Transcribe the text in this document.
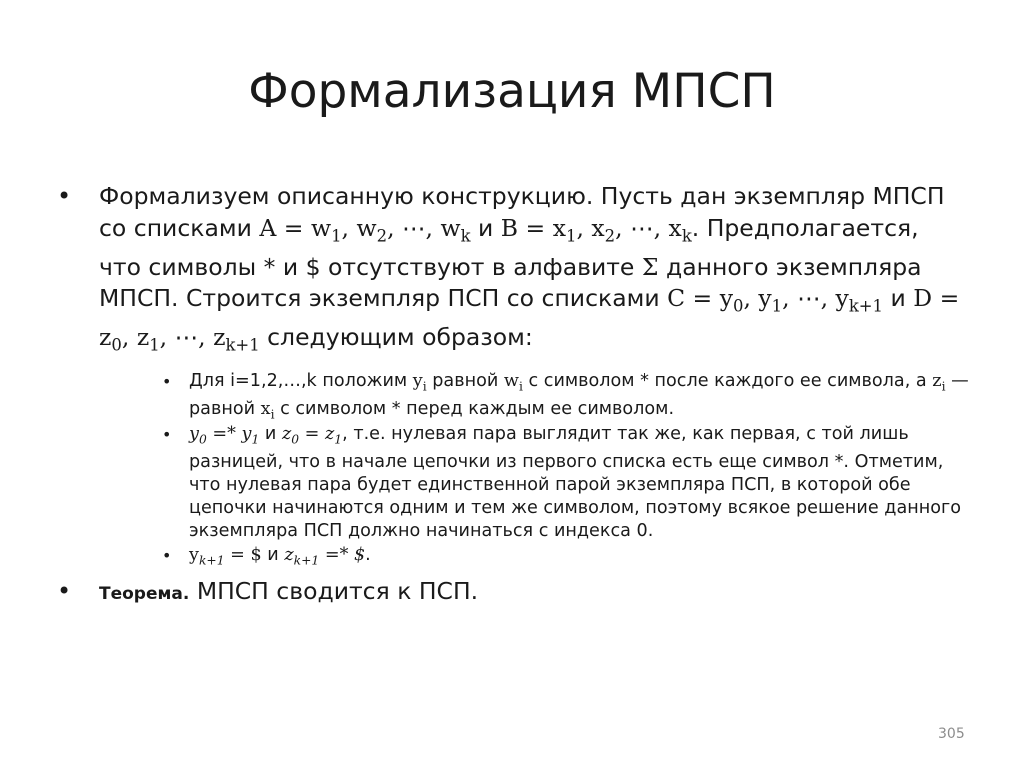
Формализация МПСП
• Формализуем описанную конструкцию. Пусть дан экземпляр МПСП со списками $A = w_1$, $w_2$, ⋯, $w_k$ и $B = x_1$, $x_2$, ⋯, $x_k$. Предполагается, что символы * и $ отсутствуют в алфавите Σ данного экземпляра МПСП. Строится экземпляр ПСП со списками $C = y_0$, $y_1$, ⋯, $y_{k+1}$ и $D = z_0$, $z_1$, ⋯, $z_{k+1}$ следующим образом:
• Для i=1,2,…,k положим $y_i$ равной $w_i$ с символом * после каждого ее символа, а $z_i$ — равной $x_i$ с символом * перед каждым ее символом.
• $y_0 =* y_1$ и $z_0 = z_1$, т.е. нулевая пара выглядит так же, как первая, с той лишь разницей, что в начале цепочки из первого списка есть еще символ *. Отметим, что нулевая пара будет единственной парой экземпляра ПСП, в которой обе цепочки начинаются одним и тем же символом, поэтому всякое решение данного экземпляра ПСП должно начинаться с индекса 0.
• $y_{k+1}$ = $ и $z_{k+1}$ =* $.
• Теорема. МПСП сводится к ПСП.
305
